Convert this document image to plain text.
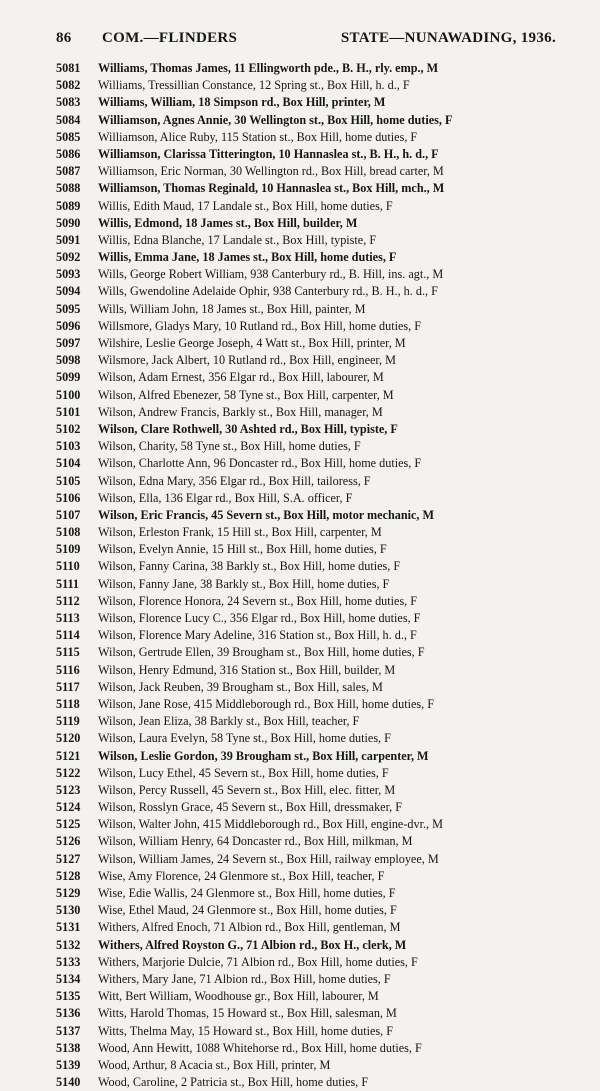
86 COM.—FLINDERS	STATE—NUNAWADING, 1936.
5081	Williams, Thomas James, 11 Ellingworth pde., B. H., rly. emp., M
5082	Williams, Tressillian Constance, 12 Spring st., Box Hill, h. d., F
5083	Williams, William, 18 Simpson rd., Box Hill, printer, M
5084	Williamson, Agnes Annie, 30 Wellington st., Box Hill, home duties, F
5085	Williamson, Alice Ruby, 115 Station st., Box Hill, home duties, F
5086	Williamson, Clarissa Titterington, 10 Hannaslea st., B. H., h. d., F
5087	Williamson, Eric Norman, 30 Wellington rd., Box Hill, bread carter, M
5088	Williamson, Thomas Reginald, 10 Hannaslea st., Box Hill, mch., M
5089	Willis, Edith Maud, 17 Landale st., Box Hill, home duties, F
5090	Willis, Edmond, 18 James st., Box Hill, builder, M
5091	Willis, Edna Blanche, 17 Landale st., Box Hill, typiste, F
5092	Willis, Emma Jane, 18 James st., Box Hill, home duties, F
5093	Wills, George Robert William, 938 Canterbury rd., B. Hill, ins. agt., M
5094	Wills, Gwendoline Adelaide Ophir, 938 Canterbury rd., B. H., h. d., F
5095	Wills, William John, 18 James st., Box Hill, painter, M
5096	Willsmore, Gladys Mary, 10 Rutland rd., Box Hill, home duties, F
5097	Wilshire, Leslie George Joseph, 4 Watt st., Box Hill, printer, M
5098	Wilsmore, Jack Albert, 10 Rutland rd., Box Hill, engineer, M
5099	Wilson, Adam Ernest, 356 Elgar rd., Box Hill, labourer, M
5100	Wilson, Alfred Ebenezer, 58 Tyne st., Box Hill, carpenter, M
5101	Wilson, Andrew Francis, Barkly st., Box Hill, manager, M
5102	Wilson, Clare Rothwell, 30 Ashted rd., Box Hill, typiste, F
5103	Wilson, Charity, 58 Tyne st., Box Hill, home duties, F
5104	Wilson, Charlotte Ann, 96 Doncaster rd., Box Hill, home duties, F
5105	Wilson, Edna Mary, 356 Elgar rd., Box Hill, tailoress, F
5106	Wilson, Ella, 136 Elgar rd., Box Hill, S.A. officer, F
5107	Wilson, Eric Francis, 45 Severn st., Box Hill, motor mechanic, M
5108	Wilson, Erleston Frank, 15 Hill st., Box Hill, carpenter, M
5109	Wilson, Evelyn Annie, 15 Hill st., Box Hill, home duties, F
5110	Wilson, Fanny Carina, 38 Barkly st., Box Hill, home duties, F
5111	Wilson, Fanny Jane, 38 Barkly st., Box Hill, home duties, F
5112	Wilson, Florence Honora, 24 Severn st., Box Hill, home duties, F
5113	Wilson, Florence Lucy C., 356 Elgar rd., Box Hill, home duties, F
5114	Wilson, Florence Mary Adeline, 316 Station st., Box Hill, h. d., F
5115	Wilson, Gertrude Ellen, 39 Brougham st., Box Hill, home duties, F
5116	Wilson, Henry Edmund, 316 Station st., Box Hill, builder, M
5117	Wilson, Jack Reuben, 39 Brougham st., Box Hill, sales, M
5118	Wilson, Jane Rose, 415 Middleborough rd., Box Hill, home duties, F
5119	Wilson, Jean Eliza, 38 Barkly st., Box Hill, teacher, F
5120	Wilson, Laura Evelyn, 58 Tyne st., Box Hill, home duties, F
5121	Wilson, Leslie Gordon, 39 Brougham st., Box Hill, carpenter, M
5122	Wilson, Lucy Ethel, 45 Severn st., Box Hill, home duties, F
5123	Wilson, Percy Russell, 45 Severn st., Box Hill, elec. fitter, M
5124	Wilson, Rosslyn Grace, 45 Severn st., Box Hill, dressmaker, F
5125	Wilson, Walter John, 415 Middleborough rd., Box Hill, engine-dvr., M
5126	Wilson, William Henry, 64 Doncaster rd., Box Hill, milkman, M
5127	Wilson, William James, 24 Severn st., Box Hill, railway employee, M
5128	Wise, Amy Florence, 24 Glenmore st., Box Hill, teacher, F
5129	Wise, Edie Wallis, 24 Glenmore st., Box Hill, home duties, F
5130	Wise, Ethel Maud, 24 Glenmore st., Box Hill, home duties, F
5131	Withers, Alfred Enoch, 71 Albion rd., Box Hill, gentleman, M
5132	Withers, Alfred Royston G., 71 Albion rd., Box H., clerk, M
5133	Withers, Marjorie Dulcie, 71 Albion rd., Box Hill, home duties, F
5134	Withers, Mary Jane, 71 Albion rd., Box Hill, home duties, F
5135	Witt, Bert William, Woodhouse gr., Box Hill, labourer, M
5136	Witts, Harold Thomas, 15 Howard st., Box Hill, salesman, M
5137	Witts, Thelma May, 15 Howard st., Box Hill, home duties, F
5138	Wood, Ann Hewitt, 1088 Whitehorse rd., Box Hill, home duties, F
5139	Wood, Arthur, 8 Acacia st., Box Hill, printer, M
5140	Wood, Caroline, 2 Patricia st., Box Hill, home duties, F
